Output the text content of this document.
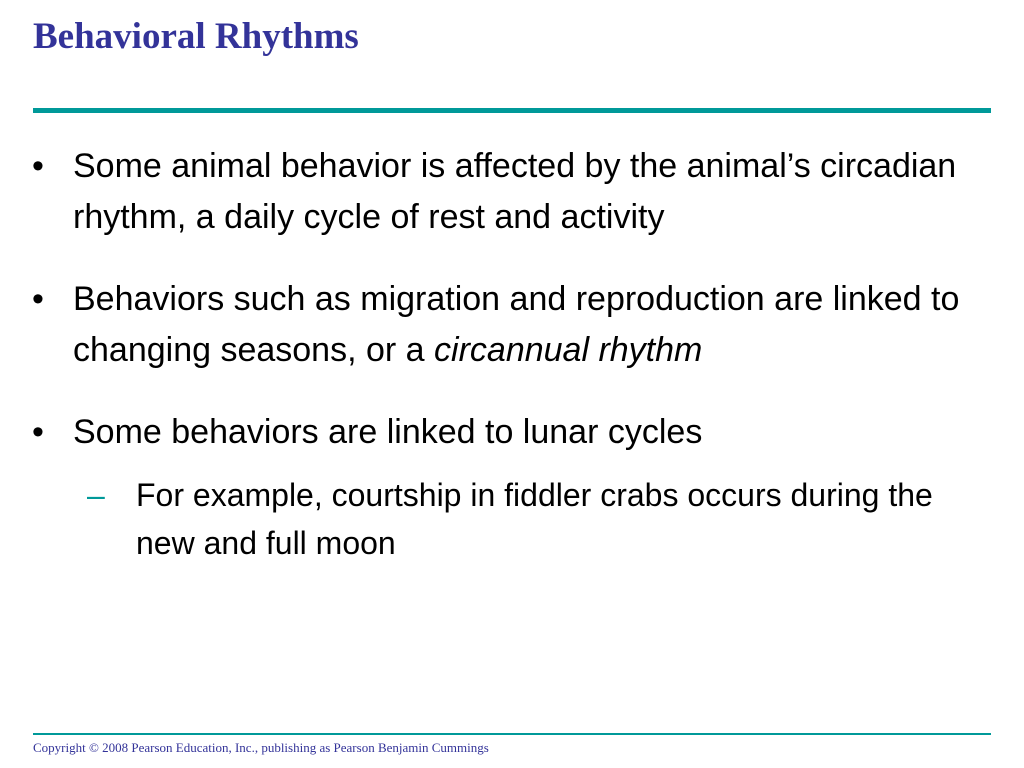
Behavioral Rhythms
• Some animal behavior is affected by the animal’s circadian rhythm, a daily cycle of rest and activity
• Behaviors such as migration and reproduction are linked to changing seasons, or a circannual rhythm
• Some behaviors are linked to lunar cycles
– For example, courtship in fiddler crabs occurs during the new and full moon

Copyright © 2008 Pearson Education, Inc., publishing as Pearson Benjamin Cummings
